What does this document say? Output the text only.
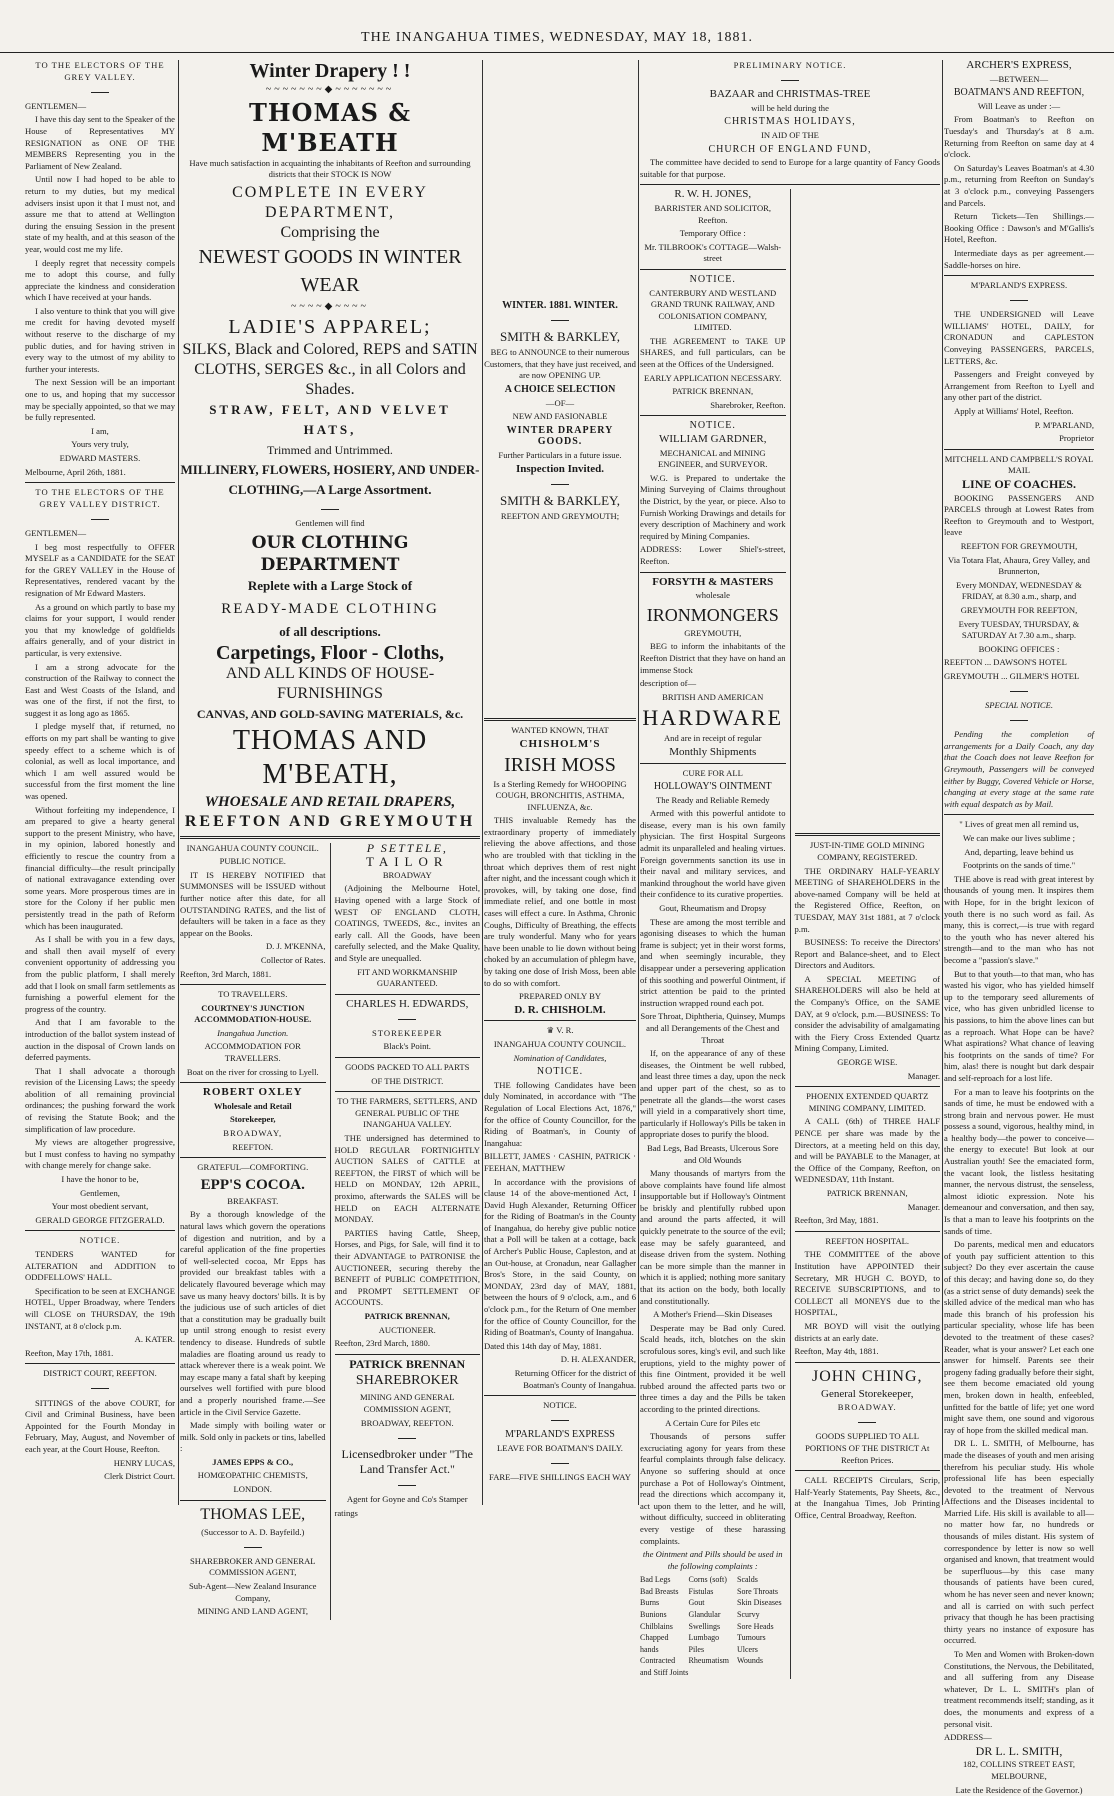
THE INANGAHUA TIMES, WEDNESDAY, MAY 18, 1881.

TO THE ELECTORS OF THE GREY VALLEY.

GENTLEMEN—

I have this day sent to the Speaker of the House of Representatives MY RESIGNATION as ONE OF THE MEMBERS Representing you in the Parliament of New Zealand.

Until now I had hoped to be able to return to my duties, but my medical advisers insist upon it that I must not, and assure me that to attend at Wellington during the ensuing Session in the present state of my health, and at this season of the year, would cost me my life.

I deeply regret that necessity compels me to adopt this course, and fully appreciate the kindness and consideration which I have received at your hands.

I also venture to think that you will give me credit for having devoted myself without reserve to the discharge of my public duties, and for having striven in every way to the utmost of my ability to further your interests.

The next Session will be an important one to us, and hoping that my successor may be specially appointed, so that we may be fully represented.

I am,

Yours very truly,

EDWARD MASTERS.

Melbourne, April 26th, 1881.

TO THE ELECTORS OF THE GREY VALLEY DISTRICT.

GENTLEMEN—

I beg most respectfully to OFFER MYSELF as a CANDIDATE for the SEAT for the GREY VALLEY in the House of Representatives, rendered vacant by the resignation of Mr Edward Masters.

As a ground on which partly to base my claims for your support, I would render you that my knowledge of goldfields affairs generally, and of your district in particular, is very extensive.

I am a strong advocate for the construction of the Railway to connect the East and West Coasts of the Island, and was one of the first, if not the first, to suggest it as long ago as 1865.

I pledge myself that, if returned, no efforts on my part shall be wanting to give speedy effect to a scheme which is of colonial, as well as local importance, and which I am well assured would be successful from the first moment the line was opened.

Without forfeiting my independence, I am prepared to give a hearty general support to the present Ministry, who have, in my opinion, labored honestly and efficiently to rescue the country from a financial difficulty—the result principally of national extravagance extending over some years. More prosperous times are in store for the Colony if her public men persistently tread in the path of Reform which has been inaugurated.

As I shall be with you in a few days, and shall then avail myself of every convenient opportunity of addressing you from the public platform, I shall merely add that I look on small farm settlements as furnishing a powerful element for the progress of the country.

And that I am favorable to the introduction of the ballot system instead of auction in the disposal of Crown lands on deferred payments.

That I shall advocate a thorough revision of the Licensing Laws; the speedy abolition of all remaining provincial ordinances; the pushing forward the work of revising the Statute Book; and the simplification of law procedure.

My views are altogether progressive, but I must confess to having no sympathy with change merely for change sake.

I have the honor to be,

Gentlemen,

Your most obedient servant,

GERALD GEORGE FITZGERALD.

NOTICE.

TENDERS WANTED for ALTERATION and ADDITION to ODDFELLOWS' HALL.

Specification to be seen at EXCHANGE HOTEL, Upper Broadway, where Tenders will CLOSE on THURSDAY, the 19th INSTANT, at 8 o'clock p.m.

A. KATER.

Reefton, May 17th, 1881.

DISTRICT COURT, REEFTON.

SITTINGS of the above COURT, for Civil and Criminal Business, have been Appointed for the Fourth Monday in February, May, August, and November of each year, at the Court House, Reefton.

HENRY LUCAS,

Clerk District Court.

Winter Drapery ! !
~~~~~~~◆~~~~~~~
THOMAS & M'BEATH

Have much satisfaction in acquainting the inhabitants of Reefton and surrounding districts that their STOCK IS NOW

COMPLETE IN EVERY DEPARTMENT,
Comprising the
NEWEST GOODS IN WINTER WEAR
~~~~◆~~~~
LADIE'S APPAREL;
SILKS, Black and Colored, REPS and SATIN
CLOTHS, SERGES &c., in all Colors and Shades.
STRAW, FELT, AND VELVET HATS,
Trimmed and Untrimmed.
MILLINERY, FLOWERS, HOSIERY, AND UNDER-
CLOTHING,—A Large Assortment.

Gentlemen will find

OUR CLOTHING DEPARTMENT
Replete with a Large Stock of
READY-MADE CLOTHING
of all descriptions.
Carpetings, Floor - Cloths,
AND ALL KINDS OF HOUSE-FURNISHINGS
CANVAS, AND GOLD-SAVING MATERIALS, &c.
THOMAS AND M'BEATH,
WHOESALE AND RETAIL DRAPERS,
REEFTON AND GREYMOUTH

INANGAHUA COUNTY COUNCIL.

PUBLIC NOTICE.

IT IS HEREBY NOTIFIED that SUMMONSES will be ISSUED without further notice after this date, for all OUTSTANDING RATES, and the list of defaulters will be taken in a face as they appear on the Books.

D. J. M'KENNA,

Collector of Rates.

Reefton, 3rd March, 1881.

TO TRAVELLERS.

COURTNEY'S JUNCTION ACCOMMODATION-HOUSE.

Inangahua Junction.

ACCOMMODATION FOR TRAVELLERS.

Boat on the river for crossing to Lyell.

ROBERT OXLEY

Wholesale and Retail

Storekeeper,

BROADWAY,

REEFTON.

GRATEFUL—COMFORTING.

EPP'S COCOA.

BREAKFAST.

By a thorough knowledge of the natural laws which govern the operations of digestion and nutrition, and by a careful application of the fine properties of well-selected cocoa, Mr Epps has provided our breakfast tables with a delicately flavoured beverage which may save us many heavy doctors' bills. It is by the judicious use of such articles of diet that a constitution may be gradually built up until strong enough to resist every tendency to disease. Hundreds of subtle maladies are floating around us ready to attack wherever there is a weak point. We may escape many a fatal shaft by keeping ourselves well fortified with pure blood and a properly nourished frame.—See article in the Civil Service Gazette.

Made simply with boiling water or milk. Sold only in packets or tins, labelled :

JAMES EPPS & CO.,

HOMŒOPATHIC CHEMISTS,

LONDON.

THOMAS LEE,

(Successor to A. D. Bayfeild.)

SHAREBROKER AND GENERAL COMMISSION AGENT,

Sub-Agent—New Zealand Insurance Company,

MINING AND LAND AGENT,

P SETTELE,

TAILOR

BROADWAY

(Adjoining the Melbourne Hotel, Having opened with a large Stock of WEST OF ENGLAND CLOTH, COATINGS, TWEEDS, &c., invites an early call. All the Goods, have been carefully selected, and the Make Quality, and Style are unequalled.

FIT AND WORKMANSHIP GUARANTEED.

CHARLES H. EDWARDS,

STOREKEEPER

Black's Point.

GOODS PACKED TO ALL PARTS

OF THE DISTRICT.

TO THE FARMERS, SETTLERS, AND GENERAL PUBLIC OF THE INANGAHUA VALLEY.

THE undersigned has determined to HOLD REGULAR FORTNIGHTLY AUCTION SALES of CATTLE at REEFTON, the FIRST of which will be HELD on MONDAY, 12th APRIL, proximo, afterwards the SALES will be HELD on EACH ALTERNATE MONDAY.

PARTIES having Cattle, Sheep, Horses, and Pigs, for Sale, will find it to their ADVANTAGE to PATRONISE the AUCTIONEER, securing thereby the BENEFIT of PUBLIC COMPETITION, and PROMPT SETTLEMENT OF ACCOUNTS.

PATRICK BRENNAN,

AUCTIONEER.

Reefton, 23rd March, 1880.

PATRICK BRENNAN

SHAREBROKER

MINING AND GENERAL COMMISSION AGENT,

BROADWAY, REEFTON.

Licensedbroker under "The Land Transfer Act."

Agent for Goyne and Co's Stamper

ratings

WINTER. 1881. WINTER.

SMITH & BARKLEY,

BEG to ANNOUNCE to their numerous Customers, that they have just received, and are now OPENING UP.

A CHOICE SELECTION

—OF—

NEW AND FASIONABLE

WINTER DRAPERY GOODS.

Further Particulars in a future issue.

Inspection Invited.

SMITH & BARKLEY,

REEFTON AND GREYMOUTH;

WANTED KNOWN, THAT

CHISHOLM'S

IRISH MOSS

Is a Sterling Remedy for WHOOPING COUGH, BRONCHITIS, ASTHMA, INFLUENZA, &c.

THIS invaluable Remedy has the extraordinary property of immediately relieving the above affections, and those who are troubled with that tickling in the throat which deprives them of rest night after night, and the incessant cough which it provokes, will, by taking one dose, find immediate relief, and one bottle in most cases will effect a cure. In Asthma, Chronic Coughs, Difficulty of Breathing, the effects are truly wonderful. Many who for years have been unable to lie down without being choked by an accumulation of phlegm have, by taking one dose of Irish Moss, been able to do so with comfort.

PREPARED ONLY BY

D. R. CHISHOLM.

♛ V. R.

INANGAHUA COUNTY COUNCIL.

Nomination of Candidates,

NOTICE.

THE following Candidates have been duly Nominated, in accordance with "The Regulation of Local Elections Act, 1876," for the office of County Councillor, for the Riding of Boatman's, in County of Inangahua:

BILLETT, JAMES · CASHIN, PATRICK · FEEHAN, MATTHEW

In accordance with the provisions of clause 14 of the above-mentioned Act, I David Hugh Alexander, Returning Officer for the Riding of Boatman's in the County of Inangahua, do hereby give public notice that a Poll will be taken at a cottage, back of Archer's Public House, Capleston, and at an Out-house, at Cronadun, near Gallagher Bros's Store, in the said County, on MONDAY, 23rd day of MAY, 1881, between the hours of 9 o'clock, a.m., and 6 o'clock p.m., for the Return of One member for the office of County Councillor, for the Riding of Boatman's, County of Inangahua.

Dated this 14th day of May, 1881.

D. H. ALEXANDER,

Returning Officer for the district of Boatman's County of Inangahua.

NOTICE.

M'PARLAND'S EXPRESS

LEAVE FOR BOATMAN'S DAILY.

FARE—FIVE SHILLINGS EACH WAY

PRELIMINARY NOTICE.

BAZAAR and CHRISTMAS-TREE

will be held during the

CHRISTMAS HOLIDAYS,

IN AID OF THE

CHURCH OF ENGLAND FUND,

The committee have decided to send to Europe for a large quantity of Fancy Goods suitable for that purpose.

R. W. H. JONES,

BARRISTER AND SOLICITOR, Reefton.

Temporary Office :

Mr. TILBROOK's COTTAGE—Walsh-street

NOTICE.

CANTERBURY AND WESTLAND GRAND TRUNK RAILWAY, AND COLONISATION COMPANY, LIMITED.

THE AGREEMENT to TAKE UP SHARES, and full particulars, can be seen at the Offices of the Undersigned.

EARLY APPLICATION NECESSARY.

PATRICK BRENNAN,

Sharebroker, Reefton.

NOTICE.

WILLIAM GARDNER,

MECHANICAL and MINING ENGINEER, and SURVEYOR.

W.G. is Prepared to undertake the Mining Surveying of Claims throughout the District, by the year, or piece. Also to Furnish Working Drawings and details for every description of Machinery and work required by Mining Companies.

ADDRESS: Lower Shiel's-street, Reefton.

FORSYTH & MASTERS

wholesale

IRONMONGERS

GREYMOUTH,

BEG to inform the inhabitants of the Reefton District that they have on hand an immense Stock

description of—

BRITISH AND AMERICAN

HARDWARE

And are in receipt of regular

Monthly Shipments

CURE FOR ALL

HOLLOWAY'S OINTMENT

The Ready and Reliable Remedy

Armed with this powerful antidote to disease, every man is his own family physician. The first Hospital Surgeons admit its unparalleled and healing virtues. Foreign governments sanction its use in their naval and military services, and mankind throughout the world have given their confidence to its curative properties.

Gout, Rheumatism and Dropsy

These are among the most terrible and agonising diseases to which the human frame is subject; yet in their worst forms, and when seemingly incurable, they disappear under a persevering application of this soothing and powerful Ointment, if strict attention be paid to the printed instruction wrapped round each pot.

Sore Throat, Diphtheria, Quinsey, Mumps and all Derangements of the Chest and Throat

If, on the appearance of any of these diseases, the Ointment be well rubbed, and least three times a day, upon the neck and upper part of the chest, so as to penetrate all the glands—the worst cases will yield in a comparatively short time, particularly if Holloway's Pills be taken in appropriate doses to purify the blood.

Bad Legs, Bad Breasts, Ulcerous Sore and Old Wounds

Many thousands of martyrs from the above complaints have found life almost insupportable but if Holloway's Ointment be briskly and plentifully rubbed upon and around the parts affected, it will quickly penetrate to the source of the evil; ease may be safely guaranteed, and disease driven from the system. Nothing can be more simple than the manner in which it is applied; nothing more sanitary that its action on the body, both locally and constitutionally.

A Mother's Friend—Skin Diseases

Desperate may be Bad only Cured. Scald heads, itch, blotches on the skin scrofulous sores, king's evil, and such like eruptions, yield to the mighty power of this fine Ointment, provided it be well rubbed around the affected parts two or three times a day and the Pills be taken according to the printed directions.

A Certain Cure for Piles etc

Thousands of persons suffer excruciating agony for years from these fearful complaints through false delicacy. Anyone so suffering should at once purchase a Pot of Holloway's Ointment, read the directions which accompany it, act upon them to the letter, and he will, without difficulty, succeed in obliterating every vestige of these harassing complaints.

the Ointment and Pills should be used in the following complaints :

Bad Legs
Bad Breasts
Burns
Bunions
Chilblains
Chapped hands
Contracted and Stiff Joints
Corns (soft)
Fistulas
Gout
Glandular
Swellings
Lumbago
Piles
Rheumatism
Scalds
Sore Throats
Skin Diseases
Scurvy
Sore Heads
Tumours
Ulcers
Wounds

JUST-IN-TIME GOLD MINING COMPANY, REGISTERED.

THE ORDINARY HALF-YEARLY MEETING of SHAREHOLDERS in the above-named Company will be held at the Registered Office, Reefton, on TUESDAY, MAY 31st 1881, at 7 o'clock p.m.

BUSINESS: To receive the Directors' Report and Balance-sheet, and to Elect Directors and Auditors.

A SPECIAL MEETING of SHAREHOLDERS will also be held at the Company's Office, on the SAME DAY, at 9 o'clock, p.m.—BUSINESS: To consider the advisability of amalgamating with the Fiery Cross Extended Quartz Mining Company, Limited.

GEORGE WISE.

Manager.

PHOENIX EXTENDED QUARTZ MINING COMPANY, LIMITED.

A CALL (6th) of THREE HALF PENCE per share was made by the Directors, at a meeting held on this day, and will be PAYABLE to the Manager, at the Office of the Company, Reefton, on WEDNESDAY, 11th Instant.

PATRICK BRENNAN,

Manager.

Reefton, 3rd May, 1881.

REEFTON HOSPITAL.

THE COMMITTEE of the above Institution have APPOINTED their Secretary, MR HUGH C. BOYD, to RECEIVE SUBSCRIPTIONS, and to COLLECT all MONEYS due to the HOSPITAL,

MR BOYD will visit the outlying districts at an early date.

Reefton, May 4th, 1881.

JOHN CHING,

General Storekeeper,

BROADWAY.

GOODS SUPPLIED TO ALL PORTIONS OF THE DISTRICT At Reefton Prices.

CALL RECEIPTS Circulars, Scrip, Half-Yearly Statements, Pay Sheets, &c., at the Inangahua Times, Job Printing Office, Central Broadway, Reefton.

ARCHER'S EXPRESS,

—BETWEEN—

BOATMAN'S AND REEFTON,

Will Leave as under :—

From Boatman's to Reefton on Tuesday's and Thursday's at 8 a.m. Returning from Reefton on same day at 4 o'clock.

On Saturday's Leaves Boatman's at 4.30 p.m., returning from Reefton on Sunday's at 3 o'clock p.m., conveying Passengers and Parcels.

Return Tickets—Ten Shillings.—Booking Office : Dawson's and M'Gallis's Hotel, Reefton.

Intermediate days as per agreement.—Saddle-horses on hire.

M'PARLAND'S EXPRESS.

THE UNDERSIGNED will Leave WILLIAMS' HOTEL, DAILY, for CRONADUN and CAPLESTON Conveying PASSENGERS, PARCELS, LETTERS, &c.

Passengers and Freight conveyed by Arrangement from Reefton to Lyell and any other part of the district.

Apply at Williams' Hotel, Reefton.

P. M'PARLAND,

Proprietor

MITCHELL AND CAMPBELL'S ROYAL MAIL

LINE OF COACHES.

BOOKING PASSENGERS AND PARCELS through at Lowest Rates from Reefton to Greymouth and to Westport, leave

REEFTON FOR GREYMOUTH,

Via Totara Flat, Ahaura, Grey Valley, and Brunnerton,

Every MONDAY, WEDNESDAY & FRIDAY, at 8.30 a.m., sharp, and

GREYMOUTH FOR REEFTON,

Every TUESDAY, THURSDAY, & SATURDAY At 7.30 a.m., sharp.

BOOKING OFFICES :

REEFTON ... DAWSON'S HOTEL

GREYMOUTH ... GILMER'S HOTEL

SPECIAL NOTICE.

Pending the completion of arrangements for a Daily Coach, any day that the Coach does not leave Reefton for Greymouth, Passengers will be conveyed either by Buggy, Covered Vehicle or Horse, changing at every stage at the same rate with equal despatch as by Mail.

" Lives of great men all remind us,

We can make our lives sublime ;

And, departing, leave behind us

Footprints on the sands of time."

THE above is read with great interest by thousands of young men. It inspires them with Hope, for in the bright lexicon of youth there is no such word as fail. As many, this is correct,—is true with regard to the youth who has never altered his strength—and to the man who has not become a "passion's slave."

But to that youth—to that man, who has wasted his vigor, who has yielded himself up to the temporary seed allurements of vice, who has given unbridled license to his passions, to him the above lines can but as a reproach. What Hope can be have? What aspirations? What chance of leaving his footprints on the sands of time? For him, alas! there is nought but dark despair and self-reproach for a lost life.

For a man to leave his footprints on the sands of time, he must be endowed with a strong brain and nervous power. He must possess a sound, vigorous, healthy mind, in a healthy body—the power to conceive—the energy to execute! But look at our Australian youth! See the emaciated form, the vacant look, the listless hesitating manner, the nervous distrust, the senseless, almost idiotic expression. Note his demeanour and conversation, and then say, Is that a man to leave his footprints on the sands of time.

Do parents, medical men and educators of youth pay sufficient attention to this subject? Do they ever ascertain the cause of this decay; and having done so, do they (as a strict sense of duty demands) seek the skilled advice of the medical man who has made this branch of his profession his particular speciality, whose life has been devoted to the treatment of these cases? Reader, what is your answer? Let each one answer for himself. Parents see their progeny fading gradually before their sight, see them become emaciated old young men, broken down in health, enfeebled, unfitted for the battle of life; yet one word might save them, one sound and vigorous ray of hope from the skilled medical man.

DR L. L. SMITH, of Melbourne, has made the diseases of youth and men arising therefrom his peculiar study. His whole professional life has been especially devoted to the treatment of Nervous Affections and the Diseases incidental to Married Life. His skill is available to all—no matter how far, no hundreds or thousands of miles distant. His system of correspondence by letter is now so well organised and known, that treatment would be superfluous—by this case many thousands of patients have been cured, whom he has never seen and never known; and all is carried on with such perfect privacy that though he has been practising thirty years no instance of exposure has occurred.

To Men and Women with Broken-down Constitutions, the Nervous, the Debilitated, and all suffering from any Disease whatever, Dr L. L. SMITH's plan of treatment recommends itself; standing, as it does, the monuments and express of a personal visit.

ADDRESS—

DR L. L. SMITH,

182, COLLINS STREET EAST, MELBOURNE,

Late the Residence of the Governor.)
